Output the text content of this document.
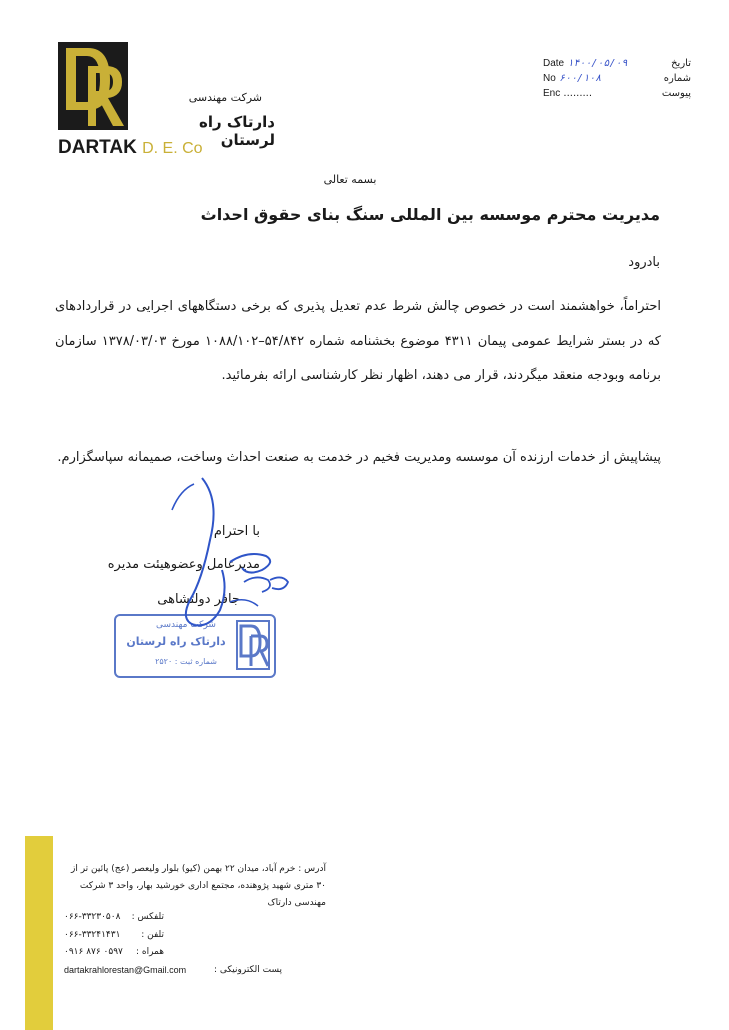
شرکت مهندسی
دارتاک راه لرستان
DARTAK D. E. Co
Date ۱۴۰۰/۰۵/۰۹	تاریخ
No ۶۰۰/۱۰۸	شماره
Enc .........	پیوست
بسمه تعالی
مدیریت محترم موسسه بین المللی سنگ بنای حقوق احداث
بادرود
احتراماً، خواهشمند است در خصوص چالش شرط عدم تعدیل پذیری که برخی دستگاههای اجرایی در قراردادهای که در بستر شرایط عمومی پیمان ۴۳۱۱ موضوع بخشنامه شماره ۵۴/۸۴۲–۱۰۸۸/۱۰۲ مورخ ۱۳۷۸/۰۳/۰۳ سازمان برنامه وبودجه منعقد میگردند، قرار می دهند، اظهار نظر کارشناسی ارائه بفرمائید.
پیشاپیش از خدمات ارزنده آن موسسه ومدیریت فخیم در خدمت به صنعت احداث وساخت، صمیمانه سپاسگزارم.
با احترام
مدیرعامل وعضوهیئت مدیره
جافر دولتشاهی
شرکت مهندسی
دارتاک راه لرستان
شماره ثبت : ۲۵۲۰
آدرس : خرم آباد، میدان ۲۲ بهمن (کیو) بلوار ولیعصر (عج) پائین تر از ۳۰ متری شهید پژوهنده، مجتمع اداری خورشید بهار، واحد ۳ شرکت مهندسی دارتاک
۰۶۶-۳۳۲۳۰۵۰۸ تلفکس :
۰۶۶-۳۳۲۴۱۴۳۱ تلفن :
۰۹۱۶ ۸۷۶ ۰۵۹۷ همراه :
dartakrahlorestan@Gmail.com	پست الکترونیکی :
